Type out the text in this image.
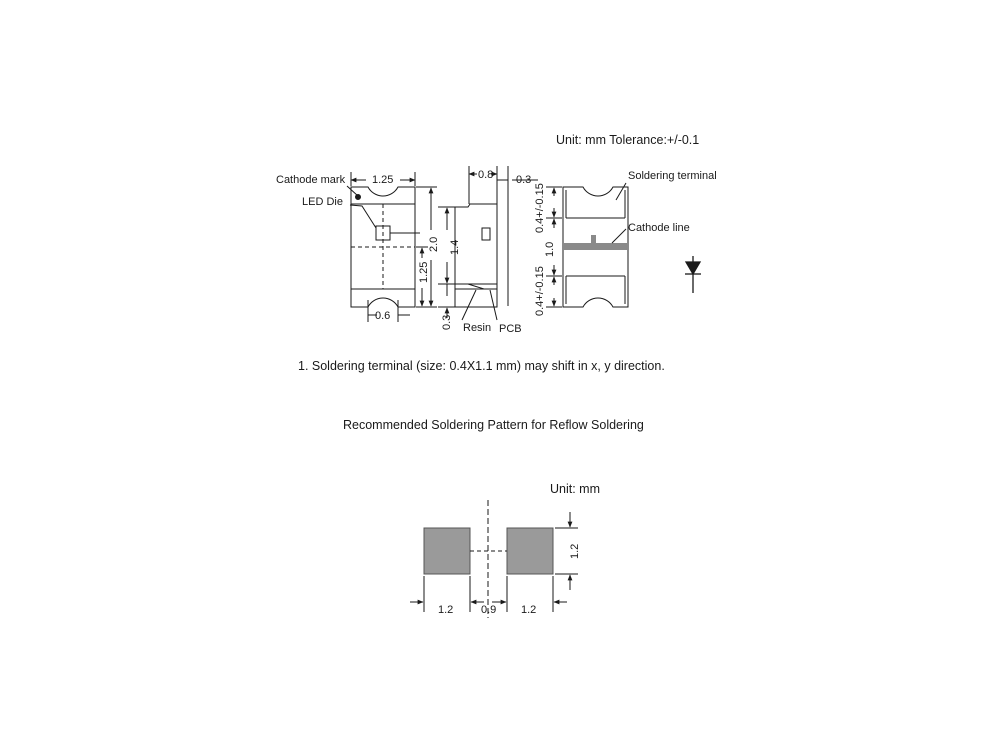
Unit: mm Tolerance:+/-0.1
1.25
2.0
1.25
0.6
0.8 0.3
1.4
0.3
0.4+/-0.15
1.0
0.4+/-0.15
Cathode mark
LED Die
Soldering terminal
Cathode line
Resin PCB
1. Soldering terminal (size: 0.4X1.1 mm) may shift in x, y direction.
Recommended Soldering Pattern for Reflow Soldering
Unit: mm
1.2	0.9 1.2
1.2
